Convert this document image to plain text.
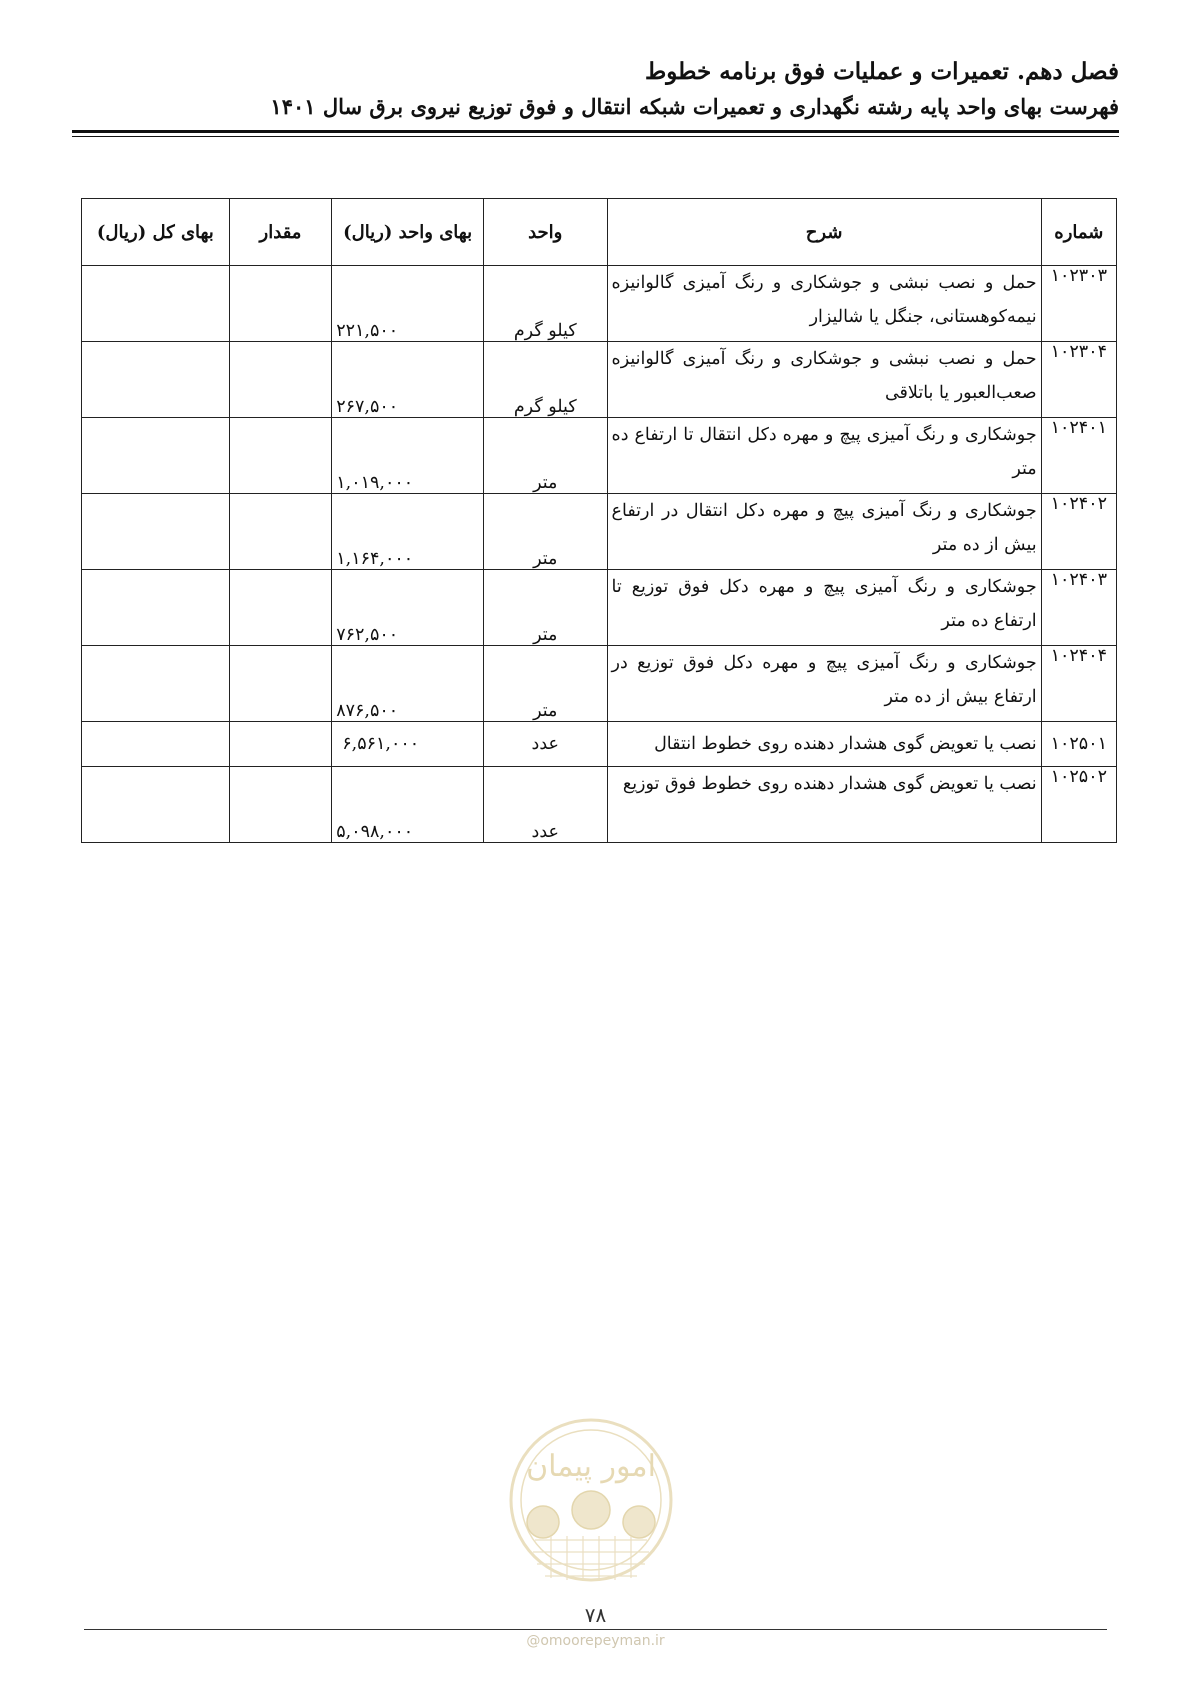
فصل دهم. تعمیرات و عملیات فوق برنامه خطوط
فهرست بهای واحد پایه رشته نگهداری و تعمیرات شبکه انتقال و فوق توزیع نیروی برق سال ۱۴۰۱
شماره	شرح	واحد	بهای واحد (ریال)	مقدار	بهای کل (ریال)
۱۰۲۳۰۳	حمل و نصب نبشی و جوشکاری و رنگ آمیزی گالوانیزه نیمه‌کوهستانی، جنگل یا شالیزار	کیلو گرم	۲۲۱,۵۰۰		
۱۰۲۳۰۴	حمل و نصب نبشی و جوشکاری و رنگ آمیزی گالوانیزه صعب‌العبور یا باتلاقی	کیلو گرم	۲۶۷,۵۰۰		
۱۰۲۴۰۱	جوشکاری و رنگ آمیزی پیچ و مهره دکل انتقال تا ارتفاع ده متر	متر	۱,۰۱۹,۰۰۰		
۱۰۲۴۰۲	جوشکاری و رنگ آمیزی پیچ و مهره دکل انتقال در ارتفاع بیش از ده متر	متر	۱,۱۶۴,۰۰۰		
۱۰۲۴۰۳	جوشکاری و رنگ آمیزی پیچ و مهره دکل فوق توزیع تا ارتفاع ده متر	متر	۷۶۲,۵۰۰		
۱۰۲۴۰۴	جوشکاری و رنگ آمیزی پیچ و مهره دکل فوق توزیع در ارتفاع بیش از ده متر	متر	۸۷۶,۵۰۰		
۱۰۲۵۰۱	نصب یا تعویض گوی هشدار دهنده روی خطوط انتقال	عدد	۶,۵۶۱,۰۰۰		
۱۰۲۵۰۲	نصب یا تعویض گوی هشدار دهنده روی خطوط فوق توزیع	عدد	۵,۰۹۸,۰۰۰		
امور پیمان
۷۸
@omoorepeyman.ir
